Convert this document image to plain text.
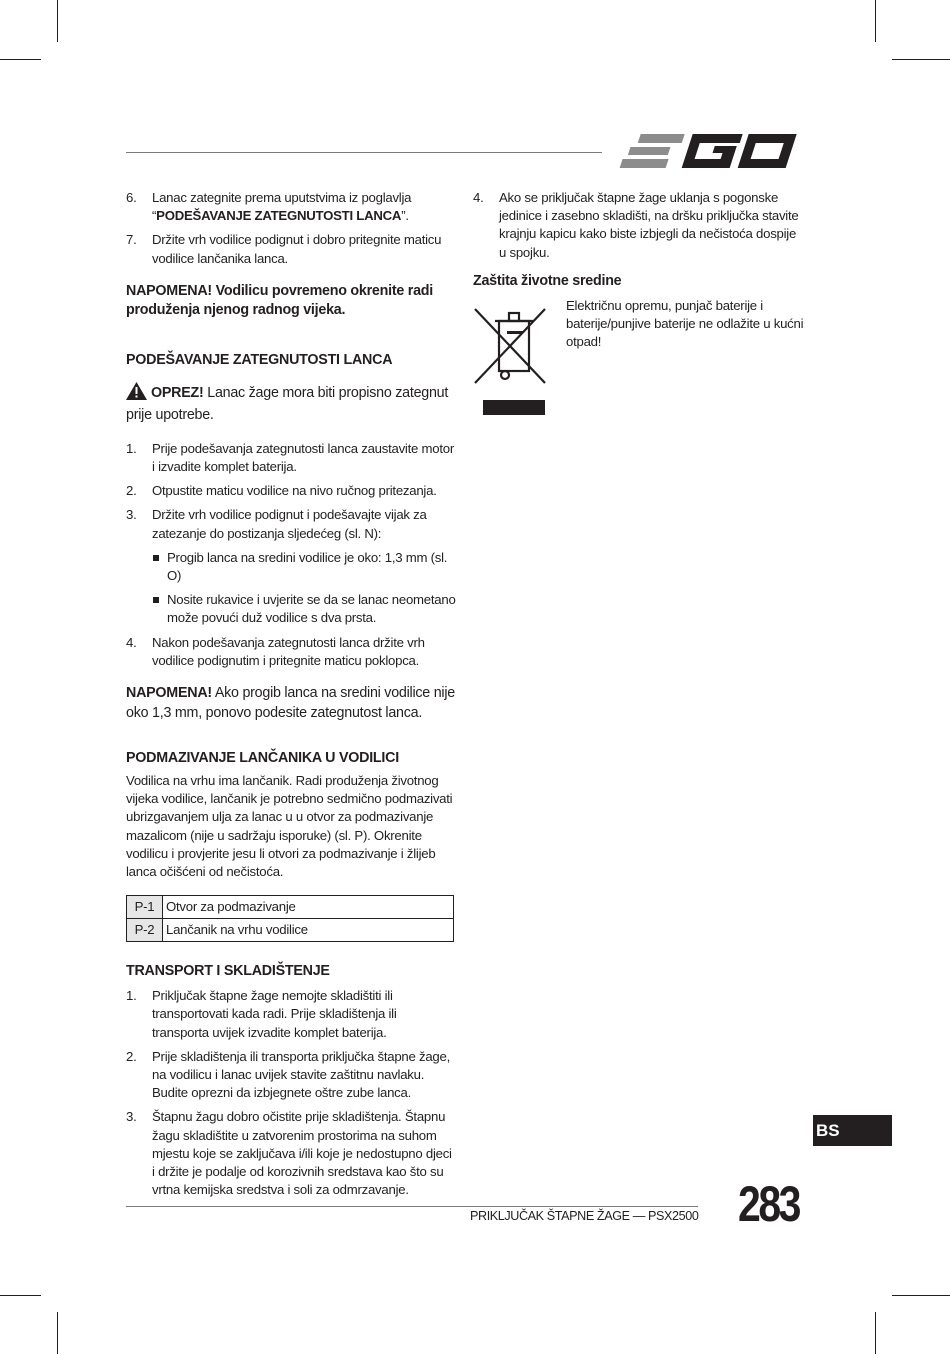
6.	Lanac zategnite prema uputstvima iz poglavlja “PODEŠAVANJE ZATEGNUTOSTI LANCA”.
7.	Držite vrh vodilice podignut i dobro pritegnite maticu vodilice lančanika lanca.
NAPOMENA! Vodilicu povremeno okrenite radi produženja njenog radnog vijeka.
PODEŠAVANJE ZATEGNUTOSTI LANCA
OPREZ! Lanac žage mora biti propisno zategnut prije upotrebe.
1.	Prije podešavanja zategnutosti lanca zaustavite motor i izvadite komplet baterija.
2.	Otpustite maticu vodilice na nivo ručnog pritezanja.
3.	Držite vrh vodilice podignut i podešavajte vijak za zatezanje do postizanja sljedećeg (sl. N):
Progib lanca na sredini vodilice je oko: 1,3 mm (sl. O)
Nosite rukavice i uvjerite se da se lanac neometano može povući duž vodilice s dva prsta.
4.	Nakon podešavanja zategnutosti lanca držite vrh vodilice podignutim i pritegnite maticu poklopca.
NAPOMENA! Ako progib lanca na sredini vodilice nije oko 1,3 mm, ponovo podesite zategnutost lanca.
PODMAZIVANJE LANČANIKA U VODILICI

Vodilica na vrhu ima lančanik. Radi produženja životnog vijeka vodilice, lančanik je potrebno sedmično podmazivati ubrizgavanjem ulja za lanac u u otvor za podmazivanje mazalicom (nije u sadržaju isporuke) (sl. P). Okrenite vodilicu i provjerite jesu li otvori za podmazivanje i žlijeb lanca očišćeni od nečistoća.

P-1	Otvor za podmazivanje
P-2	Lančanik na vrhu vodilice
TRANSPORT I SKLADIŠTENJE
1.	Priključak štapne žage nemojte skladištiti ili transportovati kada radi. Prije skladištenja ili transporta uvijek izvadite komplet baterija.
2.	Prije skladištenja ili transporta priključka štapne žage, na vodilicu i lanac uvijek stavite zaštitnu navlaku. Budite oprezni da izbjegnete oštre zube lanca.
3.	Štapnu žagu dobro očistite prije skladištenja. Štapnu žagu skladištite u zatvorenim prostorima na suhom mjestu koje se zaključava i/ili koje je nedostupno djeci i držite je podalje od korozivnih sredstava kao što su vrtna kemijska sredstva i soli za odmrzavanje.
4.	Ako se priključak štapne žage uklanja s pogonske jedinice i zasebno skladišti, na dršku priključka stavite krajnju kapicu kako biste izbjegli da nečistoća dospije u spojku.
Zaštita životne sredine
Električnu opremu, punjač baterije i baterije/punjive baterije ne odlažite u kućni otpad!
BS
PRIKLJUČAK ŠTAPNE ŽAGE — PSX2500 283
